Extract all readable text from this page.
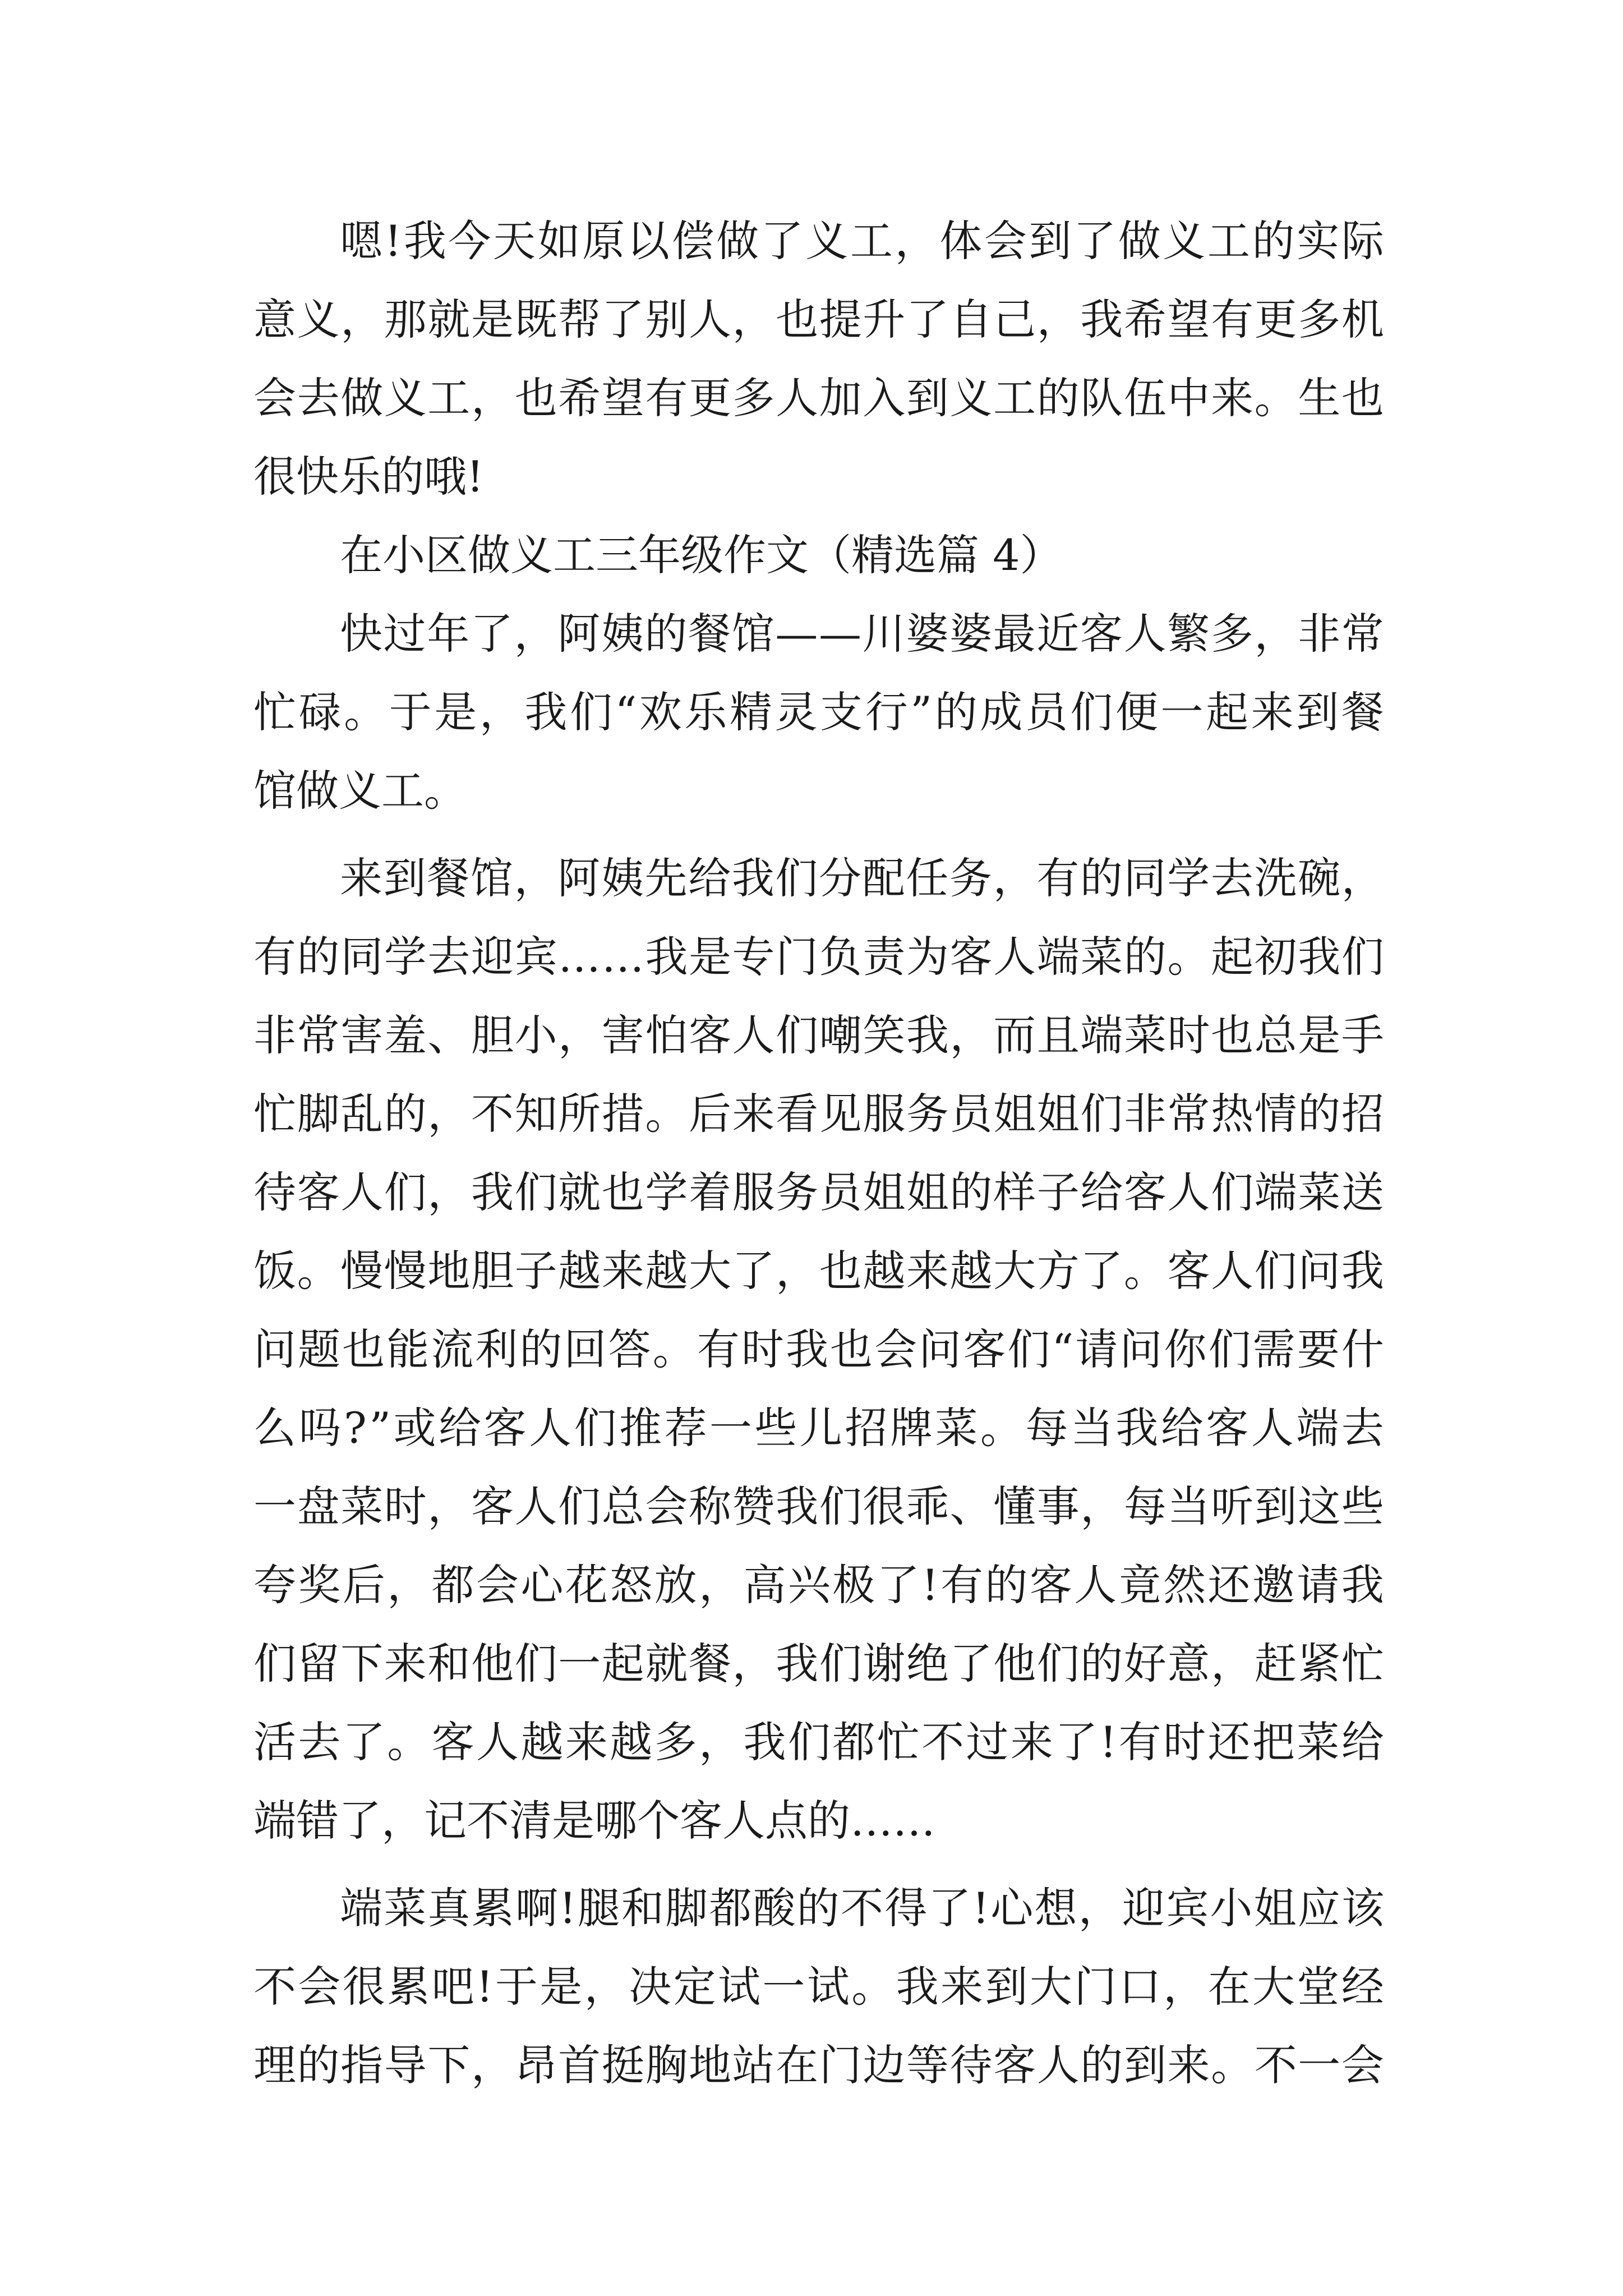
嗯 ! 我 今 天 如 原 以 偿 做 了 义 工 ， 体 会 到 了 做 义 工 的 实 际
意 义 ， 那 就 是 既 帮 了 别 人 ， 也 提 升 了 自 己 ， 我 希 望 有 更 多 机
会 去 做 义 工 ， 也 希 望 有 更 多 人 加 入 到 义 工 的 队 伍 中 来 。 生 也
很快乐的哦!
在小区做义工三年级作文（精选篇 4）
快 过 年 了 ， 阿 姨 的 餐 馆 — — 川 婆 婆 最 近 客 人 繁 多 ， 非 常
忙 碌 。 于 是 ， 我 们 “ 欢 乐 精 灵 支 行 ” 的 成 员 们 便 一 起 来 到 餐
馆做义工。
来 到 餐 馆 ， 阿 姨 先 给 我 们 分 配 任 务 ， 有 的 同 学 去 洗 碗 ，
有 的 同 学 去 迎 宾 … … 我 是 专 门 负 责 为 客 人 端 菜 的 。 起 初 我 们
非 常 害 羞 、 胆 小 ， 害 怕 客 人 们 嘲 笑 我 ， 而 且 端 菜 时 也 总 是 手
忙 脚 乱 的 ， 不 知 所 措 。 后 来 看 见 服 务 员 姐 姐 们 非 常 热 情 的 招
待 客 人 们 ， 我 们 就 也 学 着 服 务 员 姐 姐 的 样 子 给 客 人 们 端 菜 送
饭 。 慢 慢 地 胆 子 越 来 越 大 了 ， 也 越 来 越 大 方 了 。 客 人 们 问 我
问 题 也 能 流 利 的 回 答 。 有 时 我 也 会 问 客 们 “ 请 问 你 们 需 要 什
么 吗 ? ” 或 给 客 人 们 推 荐 一 些 儿 招 牌 菜 。 每 当 我 给 客 人 端 去
一 盘 菜 时 ， 客 人 们 总 会 称 赞 我 们 很 乖 、 懂 事 ， 每 当 听 到 这 些
夸 奖 后 ， 都 会 心 花 怒 放 ， 高 兴 极 了 ! 有 的 客 人 竟 然 还 邀 请 我
们 留 下 来 和 他 们 一 起 就 餐 ， 我 们 谢 绝 了 他 们 的 好 意 ， 赶 紧 忙
活 去 了 。 客 人 越 来 越 多 ， 我 们 都 忙 不 过 来 了 ! 有 时 还 把 菜 给
端错了，记不清是哪个客人点的……
端 菜 真 累 啊 ! 腿 和 脚 都 酸 的 不 得 了 ! 心 想 ， 迎 宾 小 姐 应 该
不 会 很 累 吧 ! 于 是 ， 决 定 试 一 试 。 我 来 到 大 门 口 ， 在 大 堂 经
理 的 指 导 下 ， 昂 首 挺 胸 地 站 在 门 边 等 待 客 人 的 到 来 。 不 一 会
